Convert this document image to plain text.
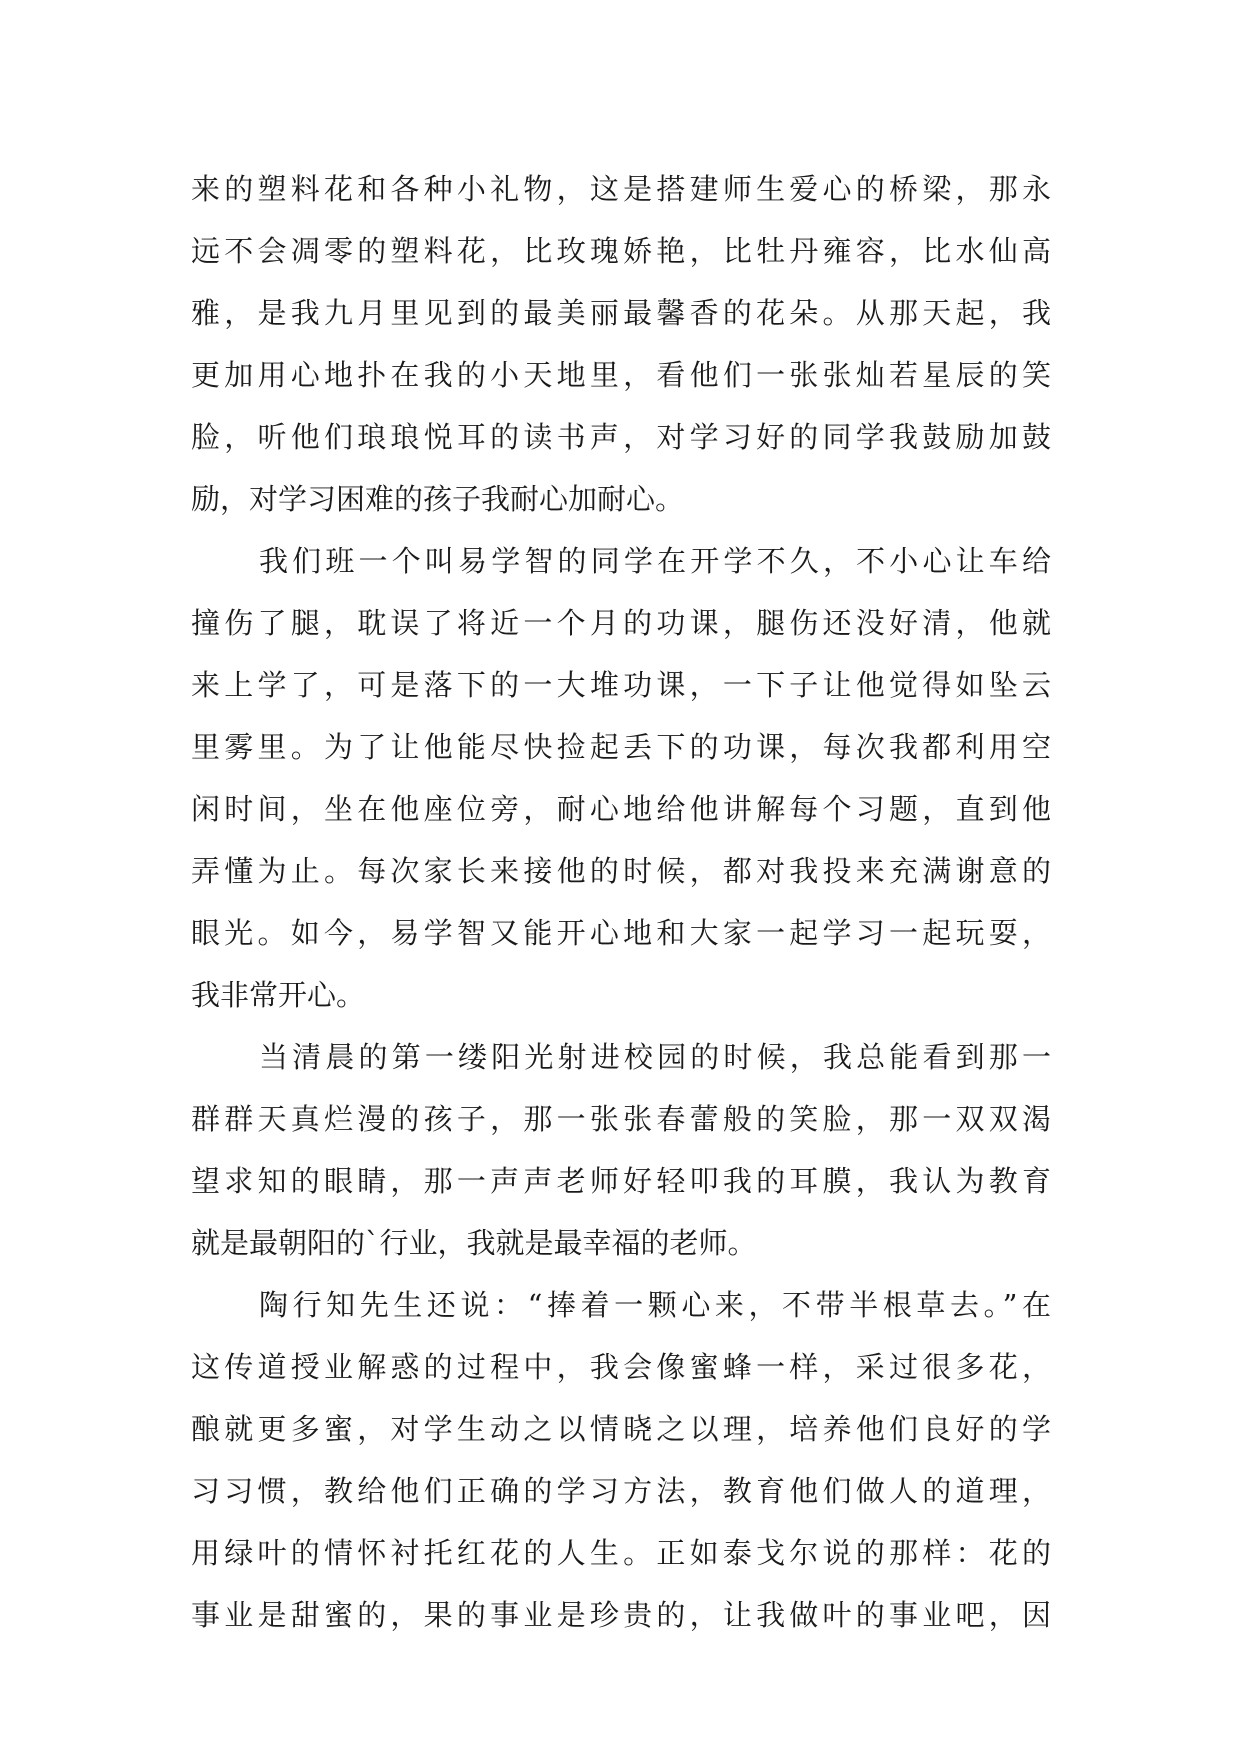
来的塑料花和各种小礼物，这是搭建师生爱心的桥梁，那永
远不会凋零的塑料花，比玫瑰娇艳，比牡丹雍容，比水仙高
雅，是我九月里见到的最美丽最馨香的花朵。从那天起，我
更加用心地扑在我的小天地里，看他们一张张灿若星辰的笑
脸，听他们琅琅悦耳的读书声，对学习好的同学我鼓励加鼓
励，对学习困难的孩子我耐心加耐心。
我们班一个叫易学智的同学在开学不久，不小心让车给
撞伤了腿，耽误了将近一个月的功课，腿伤还没好清，他就
来上学了，可是落下的一大堆功课，一下子让他觉得如坠云
里雾里。为了让他能尽快捡起丢下的功课，每次我都利用空
闲时间，坐在他座位旁，耐心地给他讲解每个习题，直到他
弄懂为止。每次家长来接他的时候，都对我投来充满谢意的
眼光。如今，易学智又能开心地和大家一起学习一起玩耍，
我非常开心。
当清晨的第一缕阳光射进校园的时候，我总能看到那一
群群天真烂漫的孩子，那一张张春蕾般的笑脸，那一双双渴
望求知的眼睛，那一声声老师好轻叩我的耳膜，我认为教育
就是最朝阳的`行业，我就是最幸福的老师。
陶行知先生还说：“捧着一颗心来，不带半根草去。”在
这传道授业解惑的过程中，我会像蜜蜂一样，采过很多花，
酿就更多蜜，对学生动之以情晓之以理，培养他们良好的学
习习惯，教给他们正确的学习方法，教育他们做人的道理，
用绿叶的情怀衬托红花的人生。正如泰戈尔说的那样：花的
事业是甜蜜的，果的事业是珍贵的，让我做叶的事业吧，因
